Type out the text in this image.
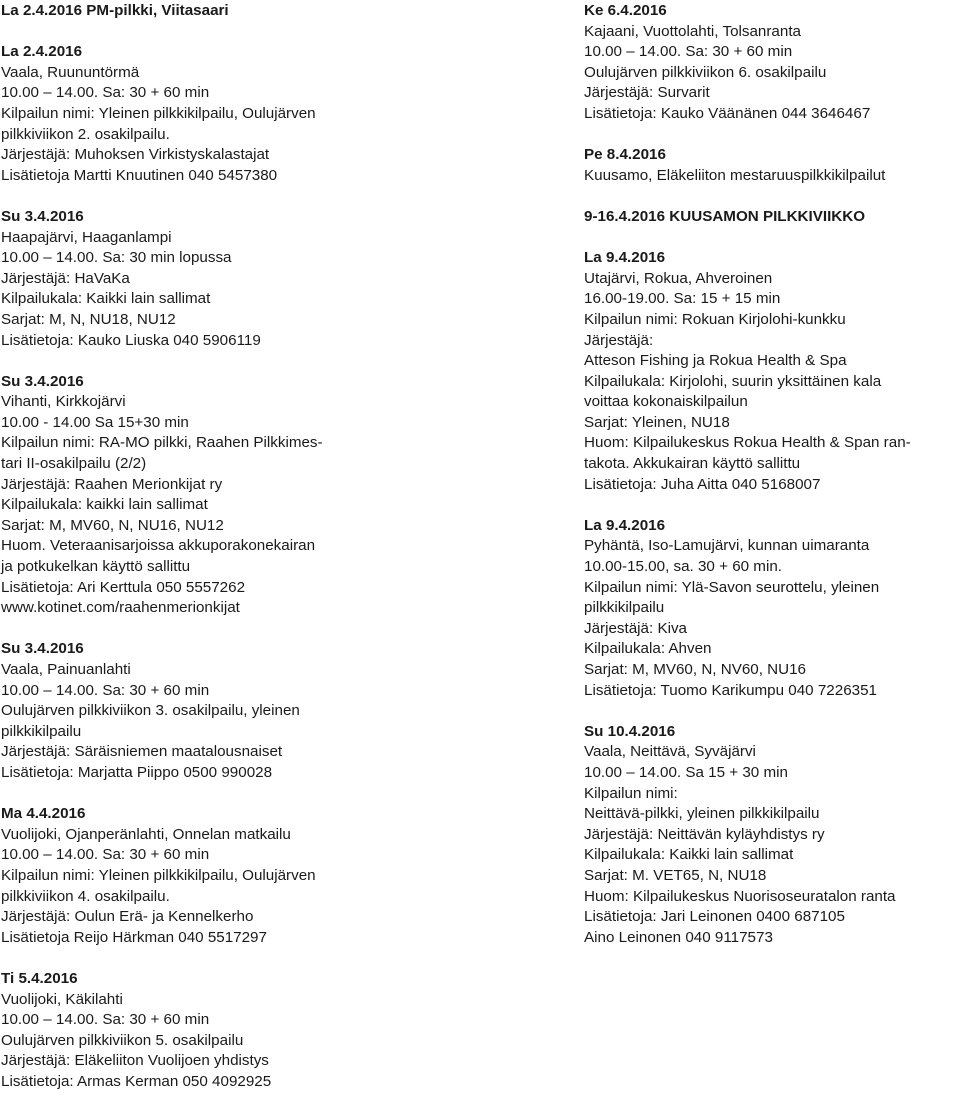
La 2.4.2016 PM-pilkki, Viitasaari
La 2.4.2016
Vaala, Ruununtörmä
10.00 – 14.00. Sa: 30 + 60 min
Kilpailun nimi: Yleinen pilkkikilpailu, Oulujärven
pilkkiviikon 2. osakilpailu.
Järjestäjä: Muhoksen Virkistyskalastajat
Lisätietoja Martti Knuutinen 040 5457380
Su 3.4.2016
Haapajärvi, Haaganlampi
10.00 – 14.00. Sa: 30 min lopussa
Järjestäjä: HaVaKa
Kilpailukala: Kaikki lain sallimat
Sarjat: M, N, NU18, NU12
Lisätietoja: Kauko Liuska 040 5906119
Su 3.4.2016
Vihanti, Kirkkojärvi
10.00 - 14.00 Sa 15+30 min
Kilpailun nimi: RA-MO pilkki, Raahen Pilkkimes-
tari II-osakilpailu (2/2)
Järjestäjä: Raahen Merionkijat ry
Kilpailukala: kaikki lain sallimat
Sarjat: M, MV60, N, NU16, NU12
Huom. Veteraanisarjoissa akkuporakonekairan
ja potkukelkan käyttö sallittu
Lisätietoja: Ari Kerttula 050 5557262
www.kotinet.com/raahenmerionkijat
Su 3.4.2016
Vaala, Painuanlahti
10.00 – 14.00. Sa: 30 + 60 min
Oulujärven pilkkiviikon 3. osakilpailu, yleinen
pilkkikilpailu
Järjestäjä: Säräisniemen maatalousnaiset
Lisätietoja: Marjatta Piippo 0500 990028
Ma 4.4.2016
Vuolijoki, Ojanperänlahti, Onnelan matkailu
10.00 – 14.00. Sa: 30 + 60 min
Kilpailun nimi: Yleinen pilkkikilpailu, Oulujärven
pilkkiviikon 4. osakilpailu.
Järjestäjä: Oulun Erä- ja Kennelkerho
Lisätietoja Reijo Härkman 040 5517297
Ti 5.4.2016
Vuolijoki, Käkilahti
10.00 – 14.00. Sa: 30 + 60 min
Oulujärven pilkkiviikon 5. osakilpailu
Järjestäjä: Eläkeliiton Vuolijoen yhdistys
Lisätietoja: Armas Kerman 050 4092925
Ke 6.4.2016
Kajaani, Vuottolahti, Tolsanranta
10.00 – 14.00. Sa: 30 + 60 min
Oulujärven pilkkiviikon 6. osakilpailu
Järjestäjä: Survarit
Lisätietoja: Kauko Väänänen 044 3646467
Pe 8.4.2016
Kuusamo, Eläkeliiton mestaruuspilkkikilpailut
9-16.4.2016 KUUSAMON PILKKIVIIKKO
La 9.4.2016
Utajärvi, Rokua, Ahveroinen
16.00-19.00. Sa: 15 + 15 min
Kilpailun nimi: Rokuan Kirjolohi-kunkku
Järjestäjä:
Atteson Fishing ja Rokua Health & Spa
Kilpailukala: Kirjolohi, suurin yksittäinen kala
voittaa kokonaiskilpailun
Sarjat: Yleinen, NU18
Huom: Kilpailukeskus Rokua Health & Span ran-
takota. Akkukairan käyttö sallittu
Lisätietoja: Juha Aitta 040 5168007
La 9.4.2016
Pyhäntä, Iso-Lamujärvi, kunnan uimaranta
10.00-15.00, sa. 30 + 60 min.
Kilpailun nimi: Ylä-Savon seurottelu, yleinen
pilkkikilpailu
Järjestäjä: Kiva
Kilpailukala: Ahven
Sarjat: M, MV60, N, NV60, NU16
Lisätietoja: Tuomo Karikumpu 040 7226351
Su 10.4.2016
Vaala, Neittävä, Syväjärvi
10.00 – 14.00. Sa 15 + 30 min
Kilpailun nimi:
Neittävä-pilkki, yleinen pilkkikilpailu
Järjestäjä: Neittävän kyläyhdistys ry
Kilpailukala: Kaikki lain sallimat
Sarjat: M. VET65, N, NU18
Huom: Kilpailukeskus Nuorisoseuratalon ranta
Lisätietoja: Jari Leinonen 0400 687105
Aino Leinonen 040 9117573
